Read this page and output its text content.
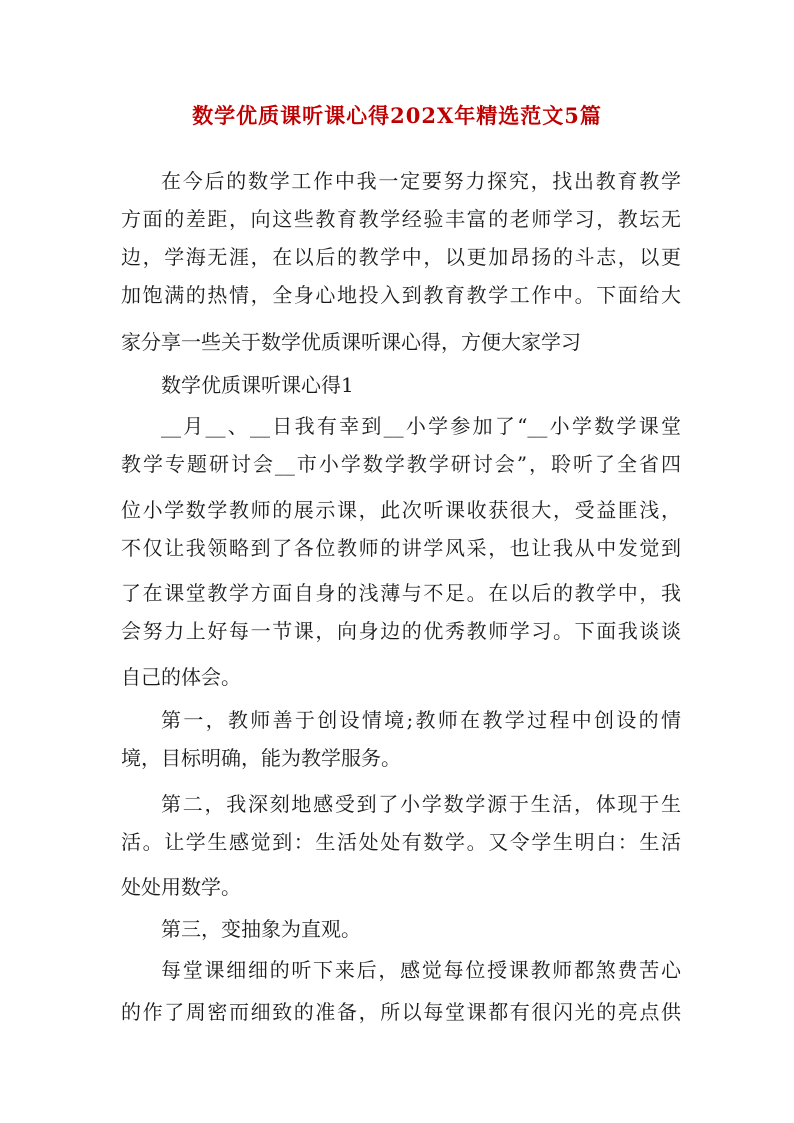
数学优质课听课心得202X年精选范文5篇
在今后的数学工作中我一定要努力探究，找出教育教学
方面的差距，向这些教育教学经验丰富的老师学习，教坛无
边，学海无涯，在以后的教学中，以更加昂扬的斗志，以更
加饱满的热情，全身心地投入到教育教学工作中。下面给大
家分享一些关于数学优质课听课心得，方便大家学习
数学优质课听课心得1
__月__、__日我有幸到__小学参加了“__小学数学课堂
教学专题研讨会__市小学数学教学研讨会”，聆听了全省四
位小学数学教师的展示课，此次听课收获很大，受益匪浅，
不仅让我领略到了各位教师的讲学风采，也让我从中发觉到
了在课堂教学方面自身的浅薄与不足。在以后的教学中，我
会努力上好每一节课，向身边的优秀教师学习。下面我谈谈
自己的体会。
第一，教师善于创设情境;教师在教学过程中创设的情
境，目标明确，能为教学服务。
第二，我深刻地感受到了小学数学源于生活，体现于生
活。让学生感觉到：生活处处有数学。又令学生明白：生活
处处用数学。
第三，变抽象为直观。
每堂课细细的听下来后，感觉每位授课教师都煞费苦心
的作了周密而细致的准备，所以每堂课都有很闪光的亮点供
